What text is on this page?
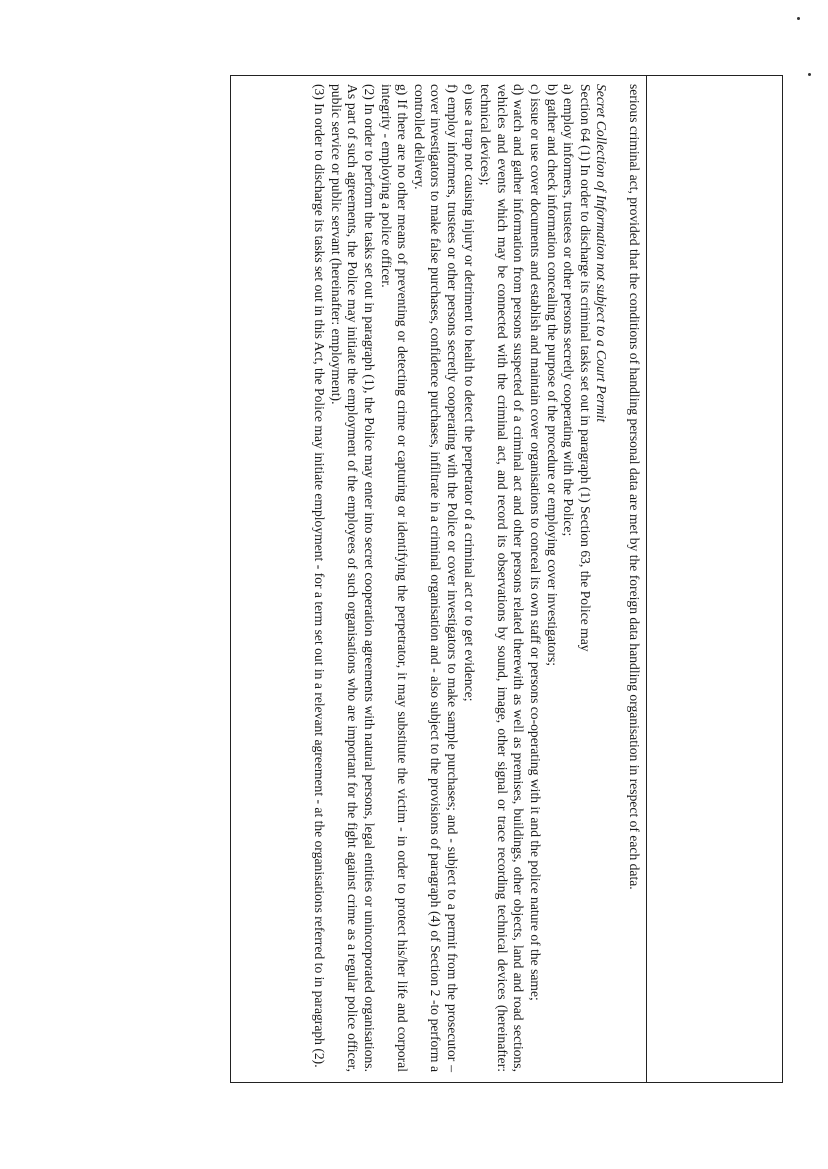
serious criminal act, provided that the conditions of handling personal data are met by the foreign data handling organisation in respect of each data.

Secret Collection of Information not subject to a Court Permit

Section 64 (1) In order to discharge its criminal tasks set out in paragraph (1) Section 63, the Police may

a) employ informers, trustees or other persons secretly cooperating with the Police;

b) gather and check information concealing the purpose of the procedure or employing cover investigators;

c) issue or use cover documents and establish and maintain cover organisations to conceal its own staff or persons co-operating with it and the police nature of the same;

d) watch and gather information from persons suspected of a criminal act and other persons related therewith as well as premises, buildings, other objects, land and road sections, vehicles and events which may be connected with the criminal act, and record its observations by sound, image, other signal or trace recording technical devices (hereinafter: technical devices);

e) use a trap not causing injury or detriment to health to detect the perpetrator of a criminal act or to get evidence;

f) employ informers, trustees or other persons secretly cooperating with the Police or cover investigators to make sample purchases; and - subject to a permit from the prosecutor – cover investigators to make false purchases, confidence purchases, infiltrate in a criminal organisation and - also subject to the provisions of paragraph (4) of Section 2 -to perform a controlled delivery.

g) If there are no other means of preventing or detecting crime or capturing or identifying the perpetrator, it may substitute the victim - in order to protect his/her life and corporal integrity - employing a police officer.

(2) In order to perform the tasks set out in paragraph (1), the Police may enter into secret cooperation agreements with natural persons, legal entities or unincorporated organisations. As part of such agreements, the Police may initiate the employment of the employees of such organisations who are important for the fight against crime as a regular police officer, public service or public servant (hereinafter: employment).

(3) In order to discharge its tasks set out in this Act, the Police may initiate employment - for a term set out in a relevant agreement - at the organisations referred to in paragraph (2).
